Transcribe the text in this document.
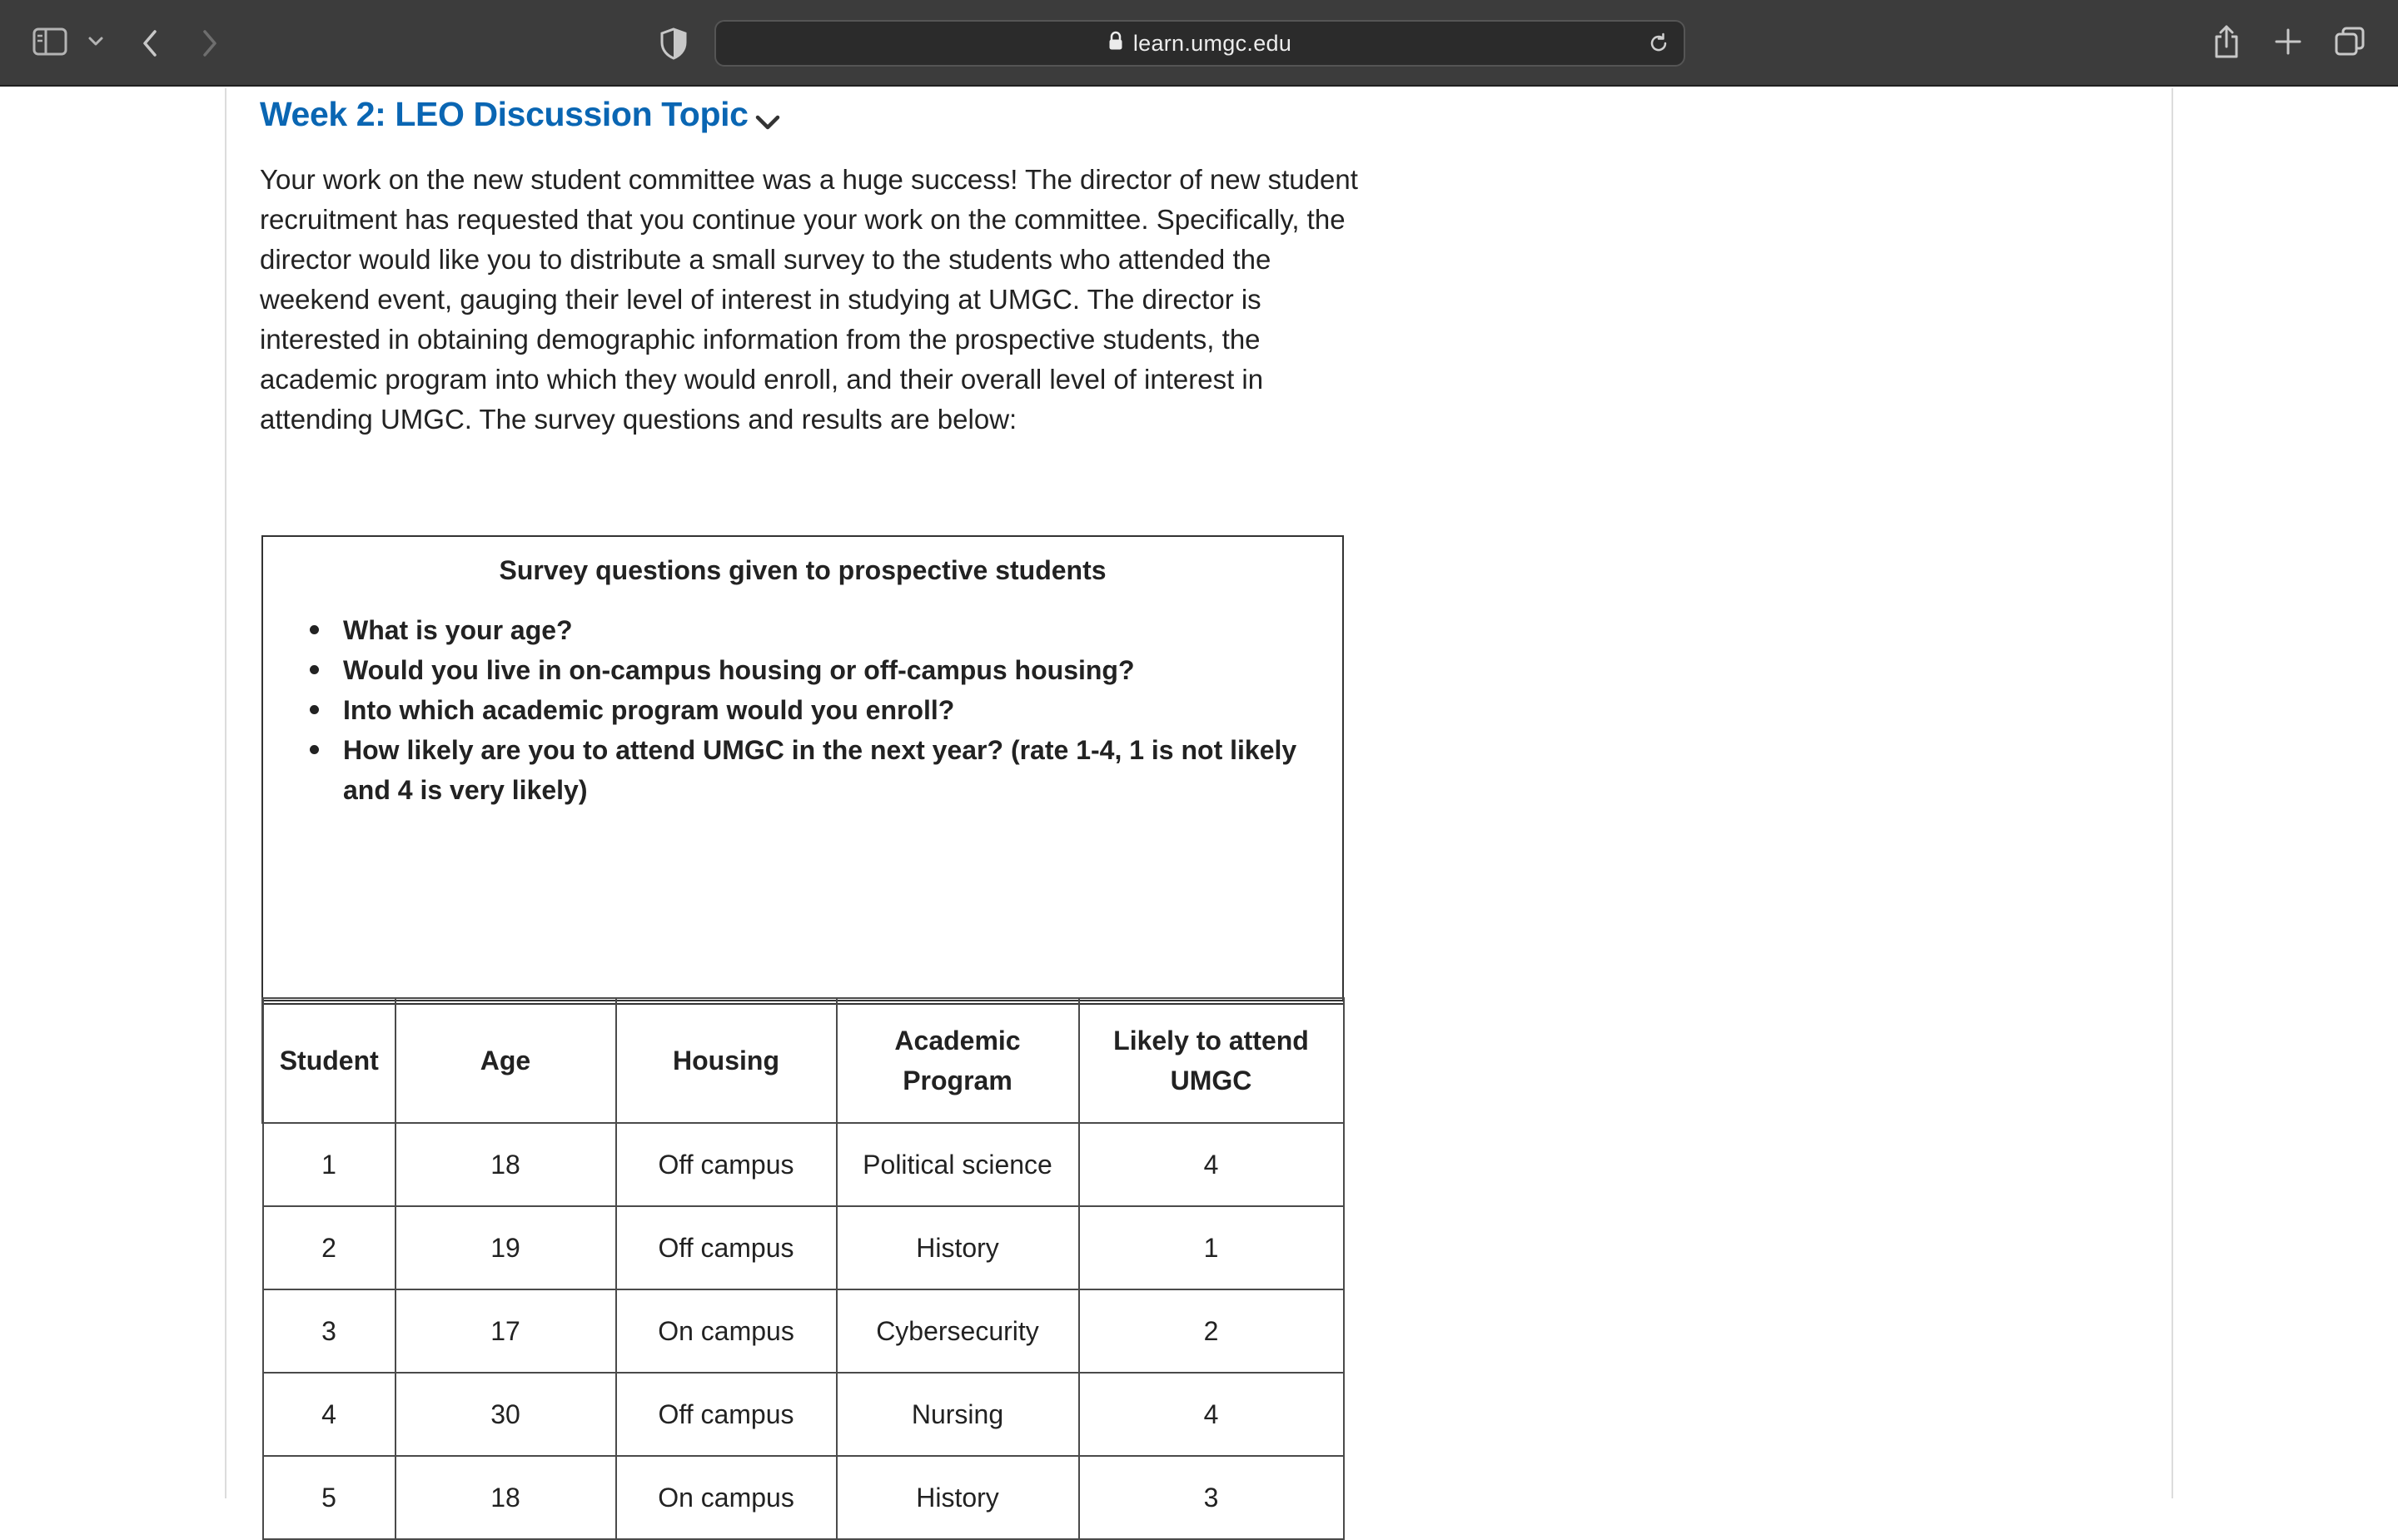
learn.umgc.edu
Week 2: LEO Discussion Topic

Your work on the new student committee was a huge success! The director of new student recruitment has requested that you continue your work on the committee. Specifically, the director would like you to distribute a small survey to the students who attended the weekend event, gauging their level of interest in studying at UMGC. The director is interested in obtaining demographic information from the prospective students, the academic program into which they would enroll, and their overall level of interest in attending UMGC. The survey questions and results are below:

Survey questions given to prospective students
What is your age?
Would you live in on-campus housing or off-campus housing?
Into which academic program would you enroll?
How likely are you to attend UMGC in the next year? (rate 1-4, 1 is not likely and 4 is very likely)
Student	Age	Housing	Academic Program	Likely to attend UMGC
1	18	Off campus	Political science	4
2	19	Off campus	History	1
3	17	On campus	Cybersecurity	2
4	30	Off campus	Nursing	4
5	18	On campus	History	3
